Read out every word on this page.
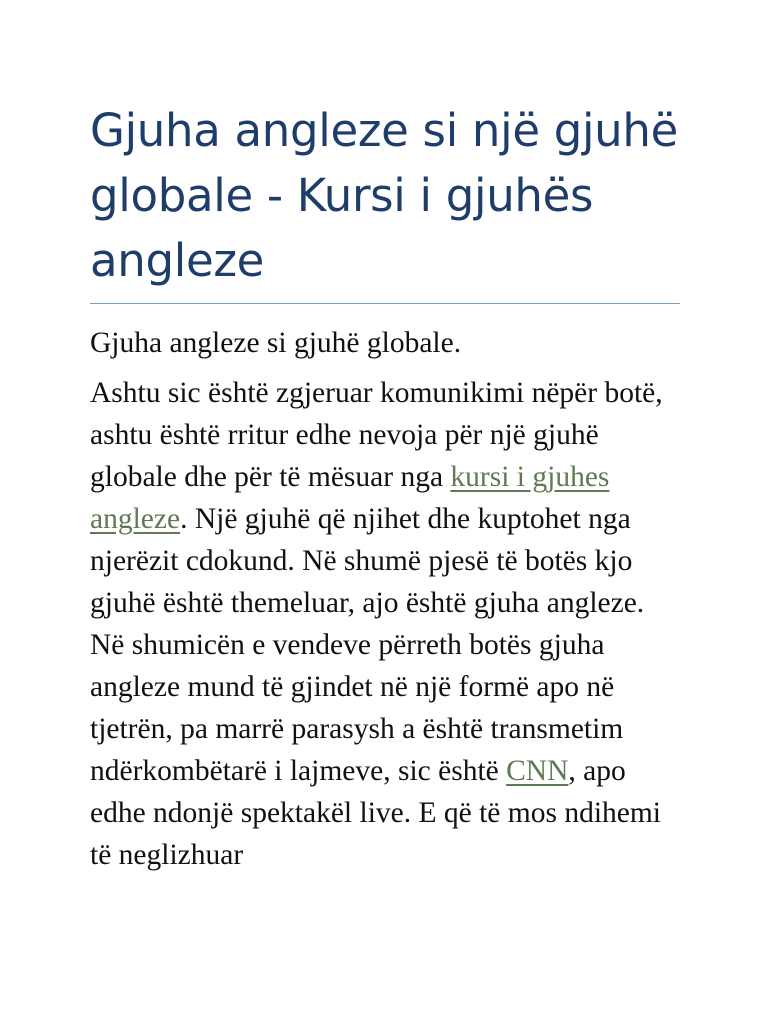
Gjuha angleze si një gjuhë globale - Kursi i gjuhës angleze

Gjuha angleze si gjuhë globale.

Ashtu sic është zgjeruar komunikimi nëpër botë, ashtu është rritur edhe nevoja për një gjuhë globale dhe për të mësuar nga kursi i gjuhes angleze. Një gjuhë që njihet dhe kuptohet nga njerëzit cdokund. Në shumë pjesë të botës kjo gjuhë është themeluar, ajo është gjuha angleze. Në shumicën e vendeve përreth botës gjuha angleze mund të gjindet në një formë apo në tjetrën, pa marrë parasysh a është transmetim ndërkombëtarë i lajmeve, sic është CNN, apo edhe ndonjë spektakël live. E që të mos ndihemi të neglizhuar
